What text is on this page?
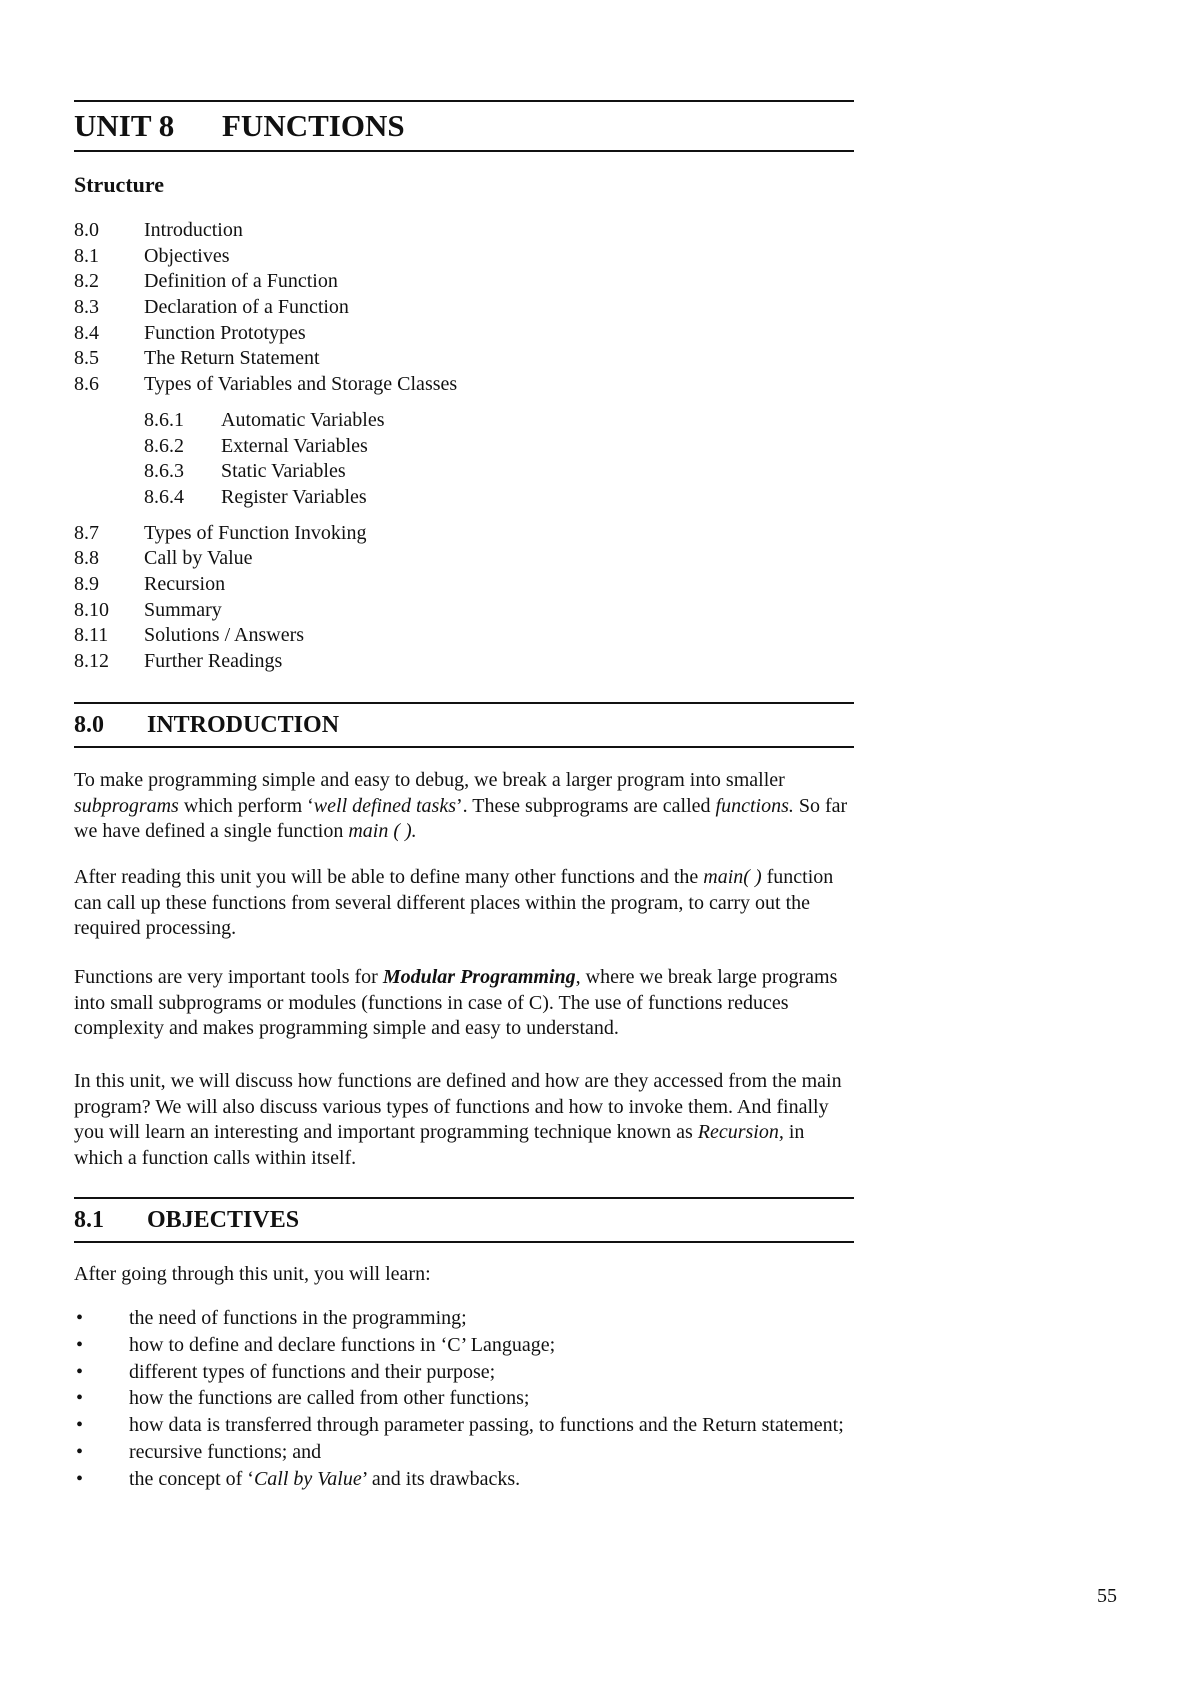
UNIT 8 FUNCTIONS
Structure
8.0 Introduction
8.1 Objectives
8.2 Definition of a Function
8.3 Declaration of a Function
8.4 Function Prototypes
8.5 The Return Statement
8.6 Types of Variables and Storage Classes
8.6.1 Automatic Variables
8.6.2 External Variables
8.6.3 Static Variables
8.6.4 Register Variables
8.7 Types of Function Invoking
8.8 Call by Value
8.9 Recursion
8.10 Summary
8.11 Solutions / Answers
8.12 Further Readings
8.0 INTRODUCTION
To make programming simple and easy to debug, we break a larger program into smaller subprograms which perform ‘well defined tasks’. These subprograms are called functions. So far we have defined a single function main ( ).
After reading this unit you will be able to define many other functions and the main( ) function can call up these functions from several different places within the program, to carry out the required processing.
Functions are very important tools for Modular Programming, where we break large programs into small subprograms or modules (functions in case of C). The use of functions reduces complexity and makes programming simple and easy to understand.
In this unit, we will discuss how functions are defined and how are they accessed from the main program? We will also discuss various types of functions and how to invoke them. And finally you will learn an interesting and important programming technique known as Recursion, in which a function calls within itself.
8.1 OBJECTIVES
After going through this unit, you will learn:
• the need of functions in the programming;
• how to define and declare functions in ‘C’ Language;
• different types of functions and their purpose;
• how the functions are called from other functions;
• how data is transferred through parameter passing, to functions and the Return statement;
• recursive functions; and
• the concept of ‘Call by Value’ and its drawbacks.
55
